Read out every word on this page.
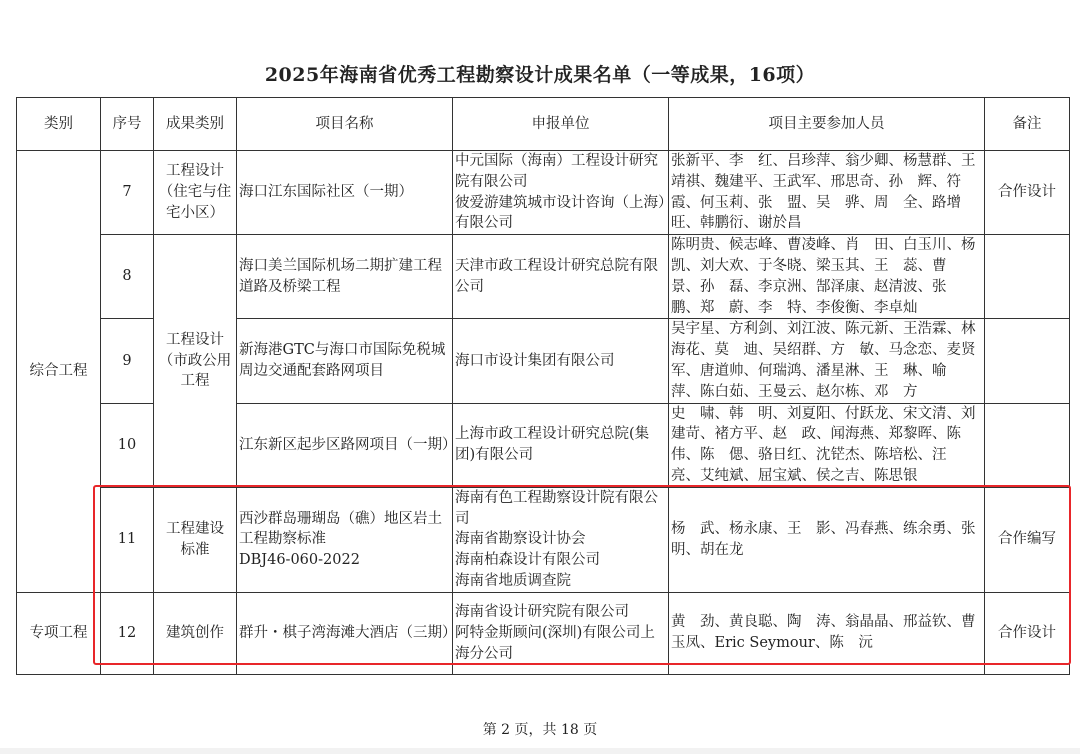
2025年海南省优秀工程勘察设计成果名单（一等成果，16项）
类别	序号	成果类别	项目名称	申报单位	项目主要参加人员	备注
综合工程	7	工程设计
（住宅与住
宅小区）	海口江东国际社区（一期）	中元国际（海南）工程设计研究院有限公司
彼爱游建筑城市设计咨询（上海）有限公司	张新平、李　红、吕珍萍、翁少卿、杨慧群、王靖祺、魏建平、王武军、邢思奇、孙　辉、符　霞、何玉莉、张　盟、吴　骅、周　全、路增旺、韩鹏衍、谢於昌	合作设计
	8	工程设计
（市政公用
工程	海口美兰国际机场二期扩建工程道路及桥梁工程	天津市政工程设计研究总院有限公司	陈明贵、候志峰、曹凌峰、肖　田、白玉川、杨　凯、刘大欢、于冬晓、梁玉其、王　蕊、曹　景、孙　磊、李京洲、郜泽康、赵清波、张　鹏、郑　蔚、李　特、李俊衡、李卓灿	
	9		新海港GTC与海口市国际免税城周边交通配套路网项目	海口市设计集团有限公司	吴宇星、方利剑、刘江波、陈元新、王浩霖、林海花、莫　迪、吴绍群、方　敏、马念恋、麦贤军、唐道帅、何瑞鸿、潘星淋、王　琳、喻　萍、陈白茹、王曼云、赵尔栋、邓　方	
	10		江东新区起步区路网项目（一期）	上海市政工程设计研究总院(集团)有限公司	史　啸、韩　明、刘夏阳、付跃龙、宋文清、刘建苛、褚方平、赵　政、闻海燕、郑黎晖、陈　伟、陈　偲、骆日红、沈铓杰、陈培松、汪　亮、艾纯斌、屈宝斌、侯之吉、陈思银	
	11	工程建设
标准	西沙群岛珊瑚岛（礁）地区岩土工程勘察标准
DBJ46-060-2022	海南有色工程勘察设计院有限公司
海南省勘察设计协会
海南柏森设计有限公司
海南省地质调查院	杨　武、杨永康、王　影、冯春燕、练余勇、张　明、胡在龙	合作编写
专项工程	12	建筑创作	群升・棋子湾海滩大酒店（三期）	海南省设计研究院有限公司
阿特金斯顾问(深圳)有限公司上海分公司	黄　劲、黄良聪、陶　涛、翁晶晶、邢益钦、曹玉凤、Eric Seymour、陈　沅	合作设计
第 2 页，共 18 页
